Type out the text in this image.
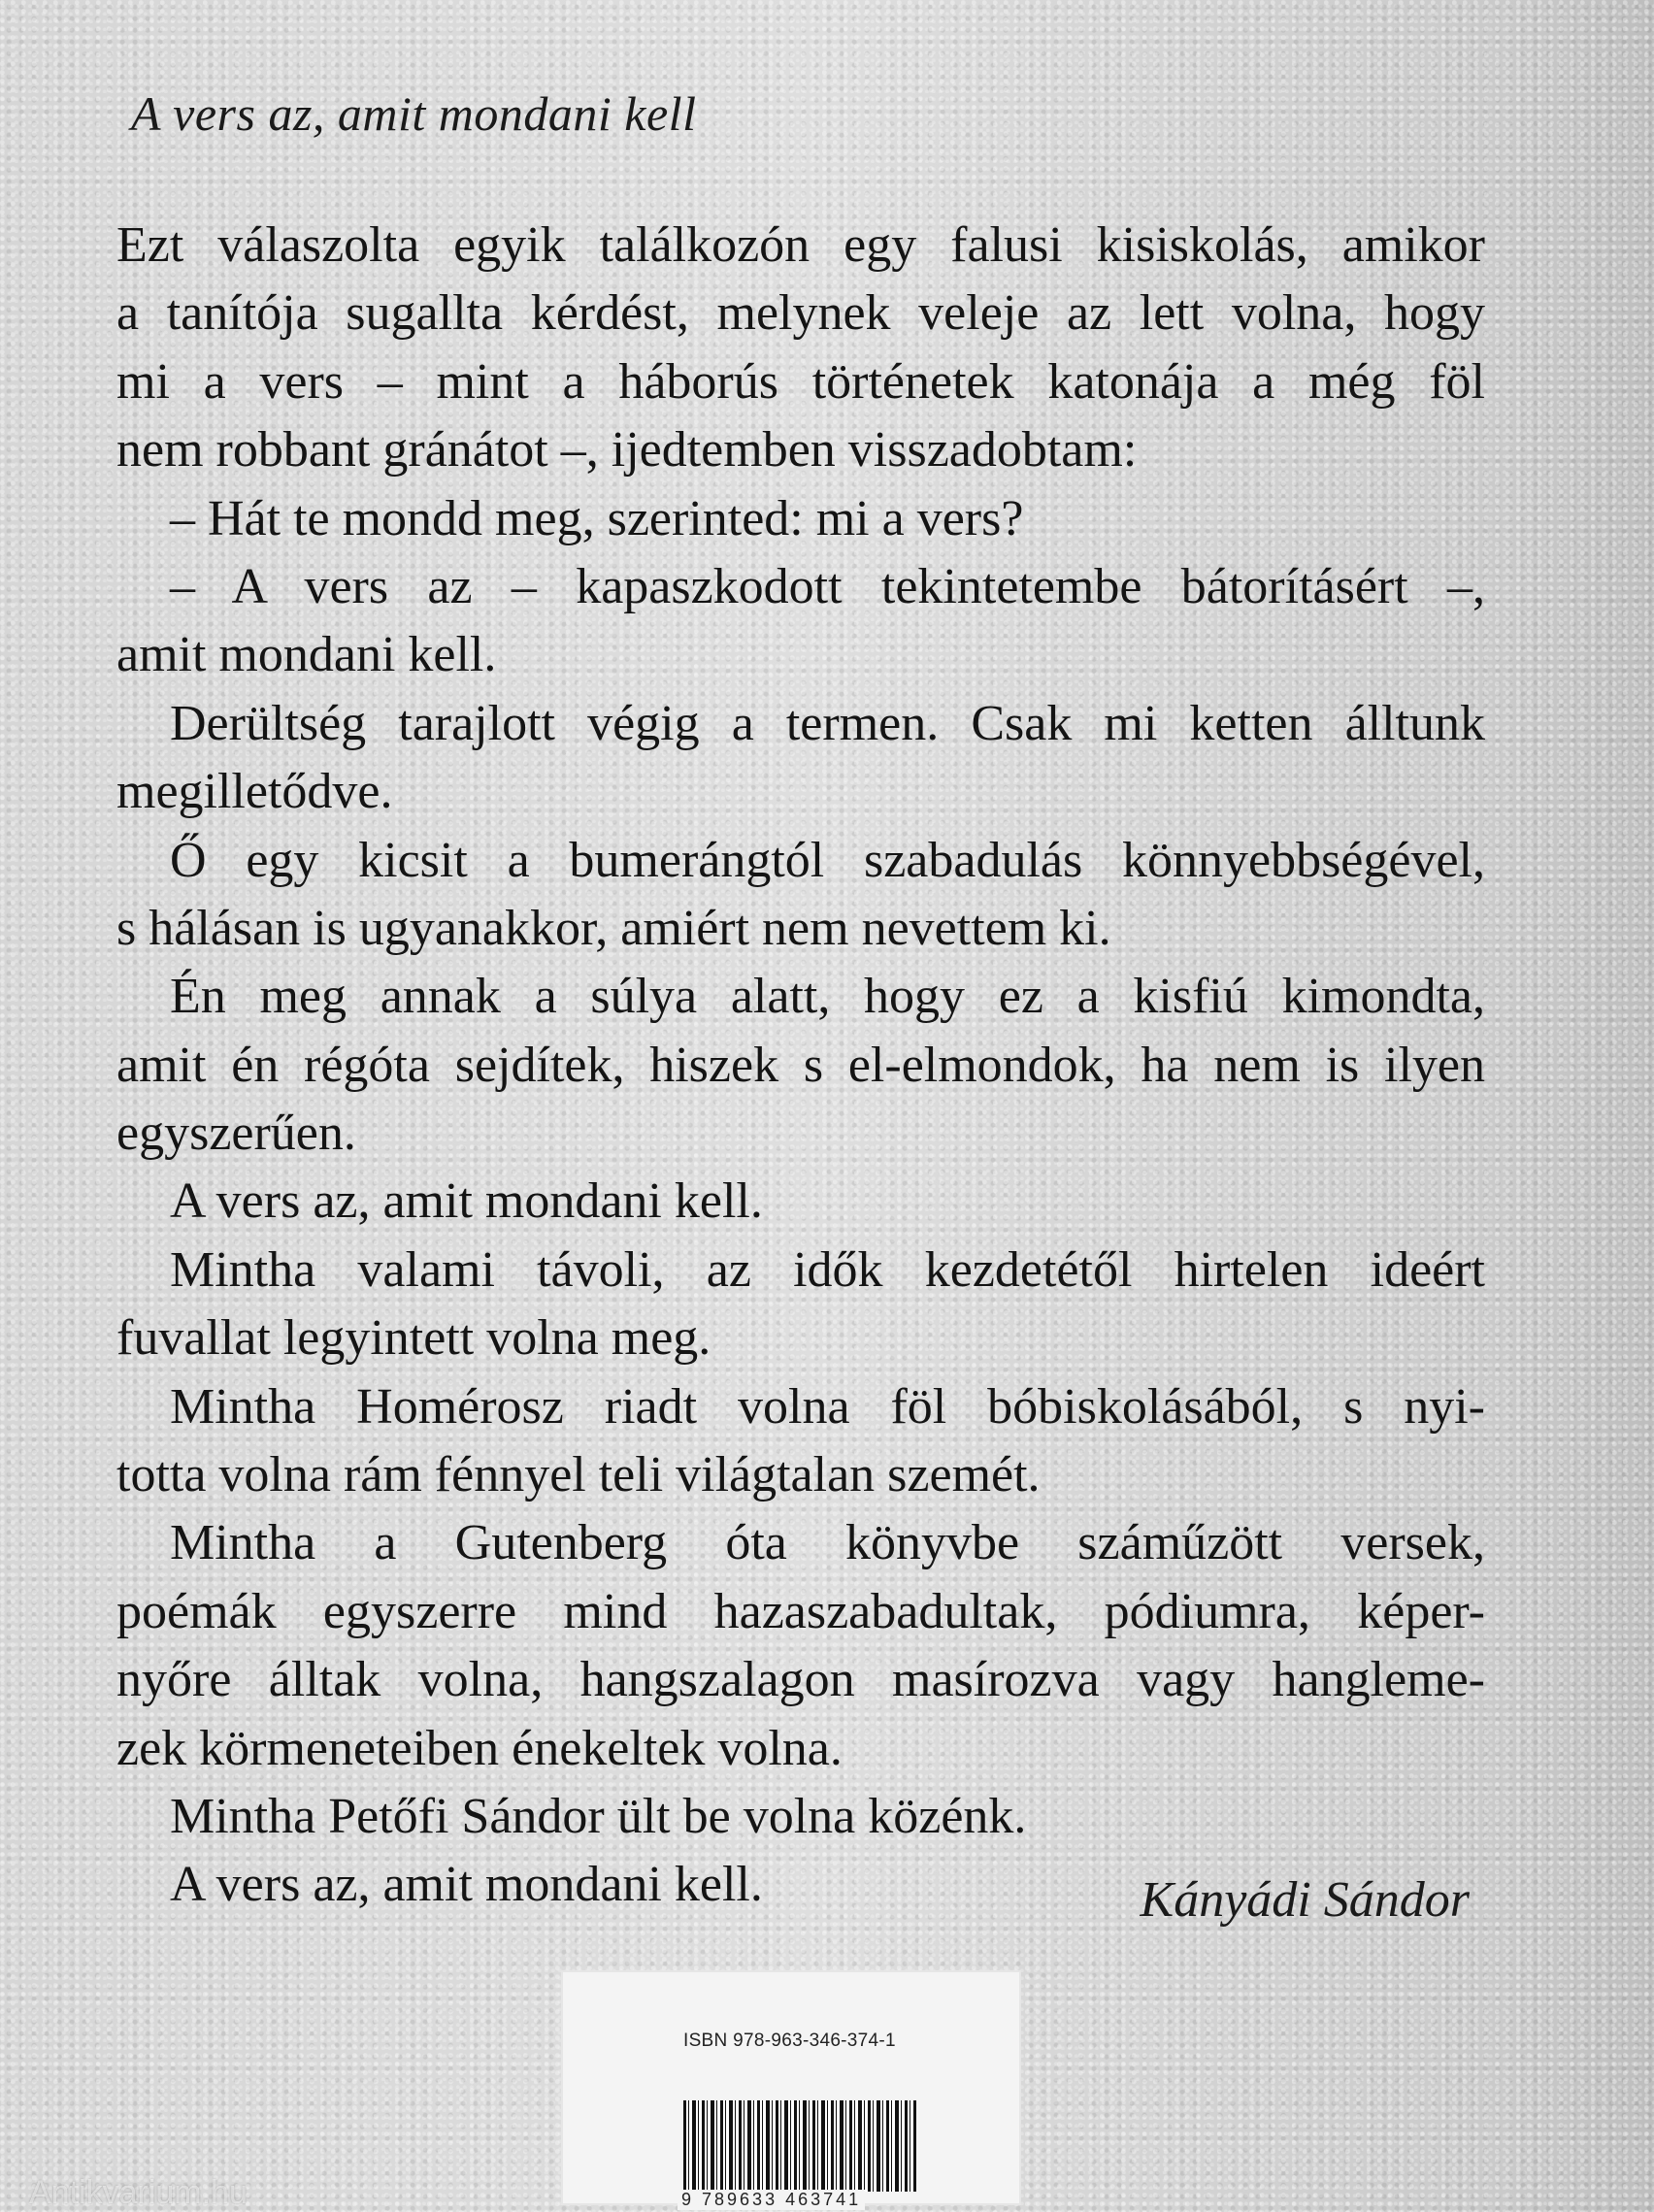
A vers az, amit mondani kell
Ezt válaszolta egyik találkozón egy falusi kisiskolás, amikor
a tanítója sugallta kérdést, melynek veleje az lett volna, hogy
mi a vers – mint a háborús történetek katonája a még föl
nem robbant gránátot –, ijedtemben visszadobtam:
– Hát te mondd meg, szerinted: mi a vers?
– A vers az – kapaszkodott tekintetembe bátorításért –,
amit mondani kell.
Derültség tarajlott végig a termen. Csak mi ketten álltunk
megilletődve.
Ő egy kicsit a bumerángtól szabadulás könnyebbségével,
s hálásan is ugyanakkor, amiért nem nevettem ki.
Én meg annak a súlya alatt, hogy ez a kisfiú kimondta,
amit én régóta sejdítek, hiszek s el-elmondok, ha nem is ilyen
egyszerűen.
A vers az, amit mondani kell.
Mintha valami távoli, az idők kezdetétől hirtelen ideért
fuvallat legyintett volna meg.
Mintha Homérosz riadt volna föl bóbiskolásából, s nyi-
totta volna rám fénnyel teli világtalan szemét.
Mintha a Gutenberg óta könyvbe száműzött versek,
poémák egyszerre mind hazaszabadultak, pódiumra, képer-
nyőre álltak volna, hangszalagon masírozva vagy hangleme-
zek körmeneteiben énekeltek volna.
Mintha Petőfi Sándor ült be volna közénk.
A vers az, amit mondani kell.	Kányádi Sándor
ISBN 978-963-346-374-1
9 789633 463741
Antikvarium.hu
